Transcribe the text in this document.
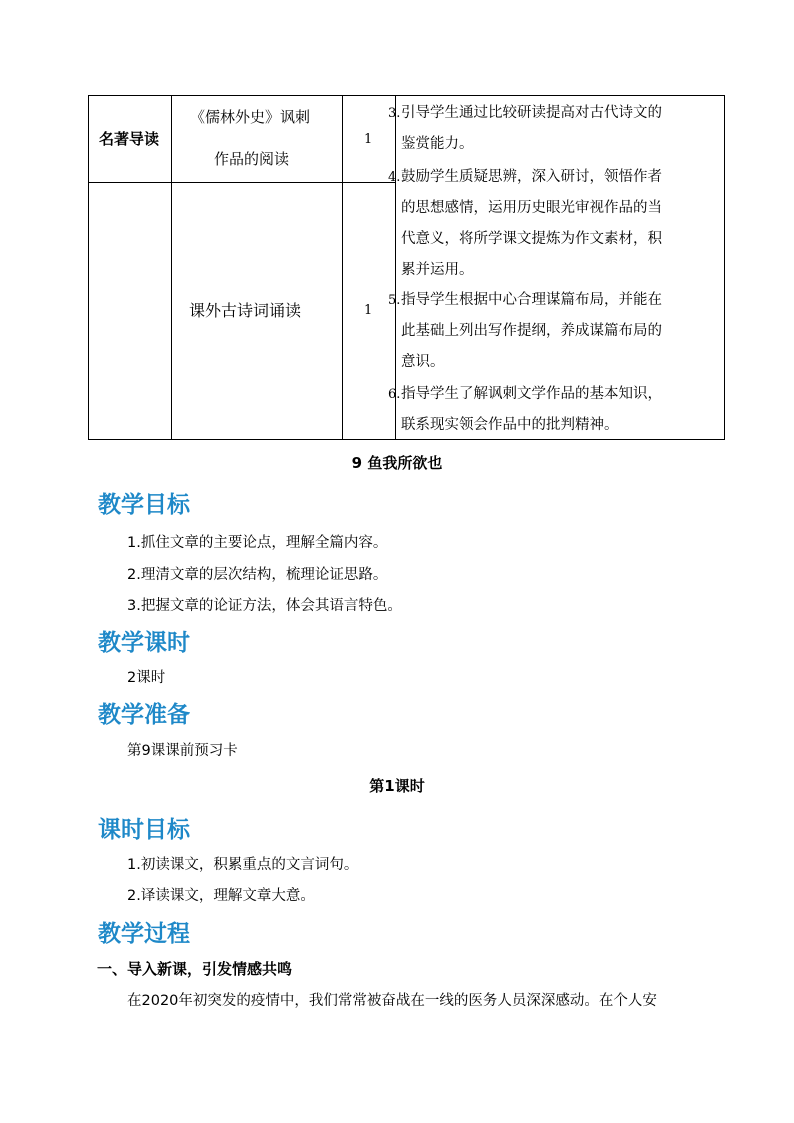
名著导读
《儒林外史》讽刺
作品的阅读
1
课外古诗词诵读	1
3. 引导学生通过比较研读提高对古代诗文的
鉴赏能力。
4. 鼓励学生质疑思辨，深入研讨，领悟作者
的思想感情，运用历史眼光审视作品的当
代意义，将所学课文提炼为作文素材，积
累并运用。
5. 指导学生根据中心合理谋篇布局，并能在
此基础上列出写作提纲，养成谋篇布局的
意识。
6. 指导学生了解讽刺文学作品的基本知识，
联系现实领会作品中的批判精神。
9 鱼我所欲也
教学目标
1.抓住文章的主要论点，理解全篇内容。
2.理清文章的层次结构，梳理论证思路。
3.把握文章的论证方法，体会其语言特色。
教学课时
2课时
教学准备
第9课课前预习卡
第1课时
课时目标
1.初读课文，积累重点的文言词句。
2.译读课文，理解文章大意。
教学过程
一、导入新课，引发情感共鸣
在2020年初突发的疫情中，我们常常被奋战在一线的医务人员深深感动。在个人安
